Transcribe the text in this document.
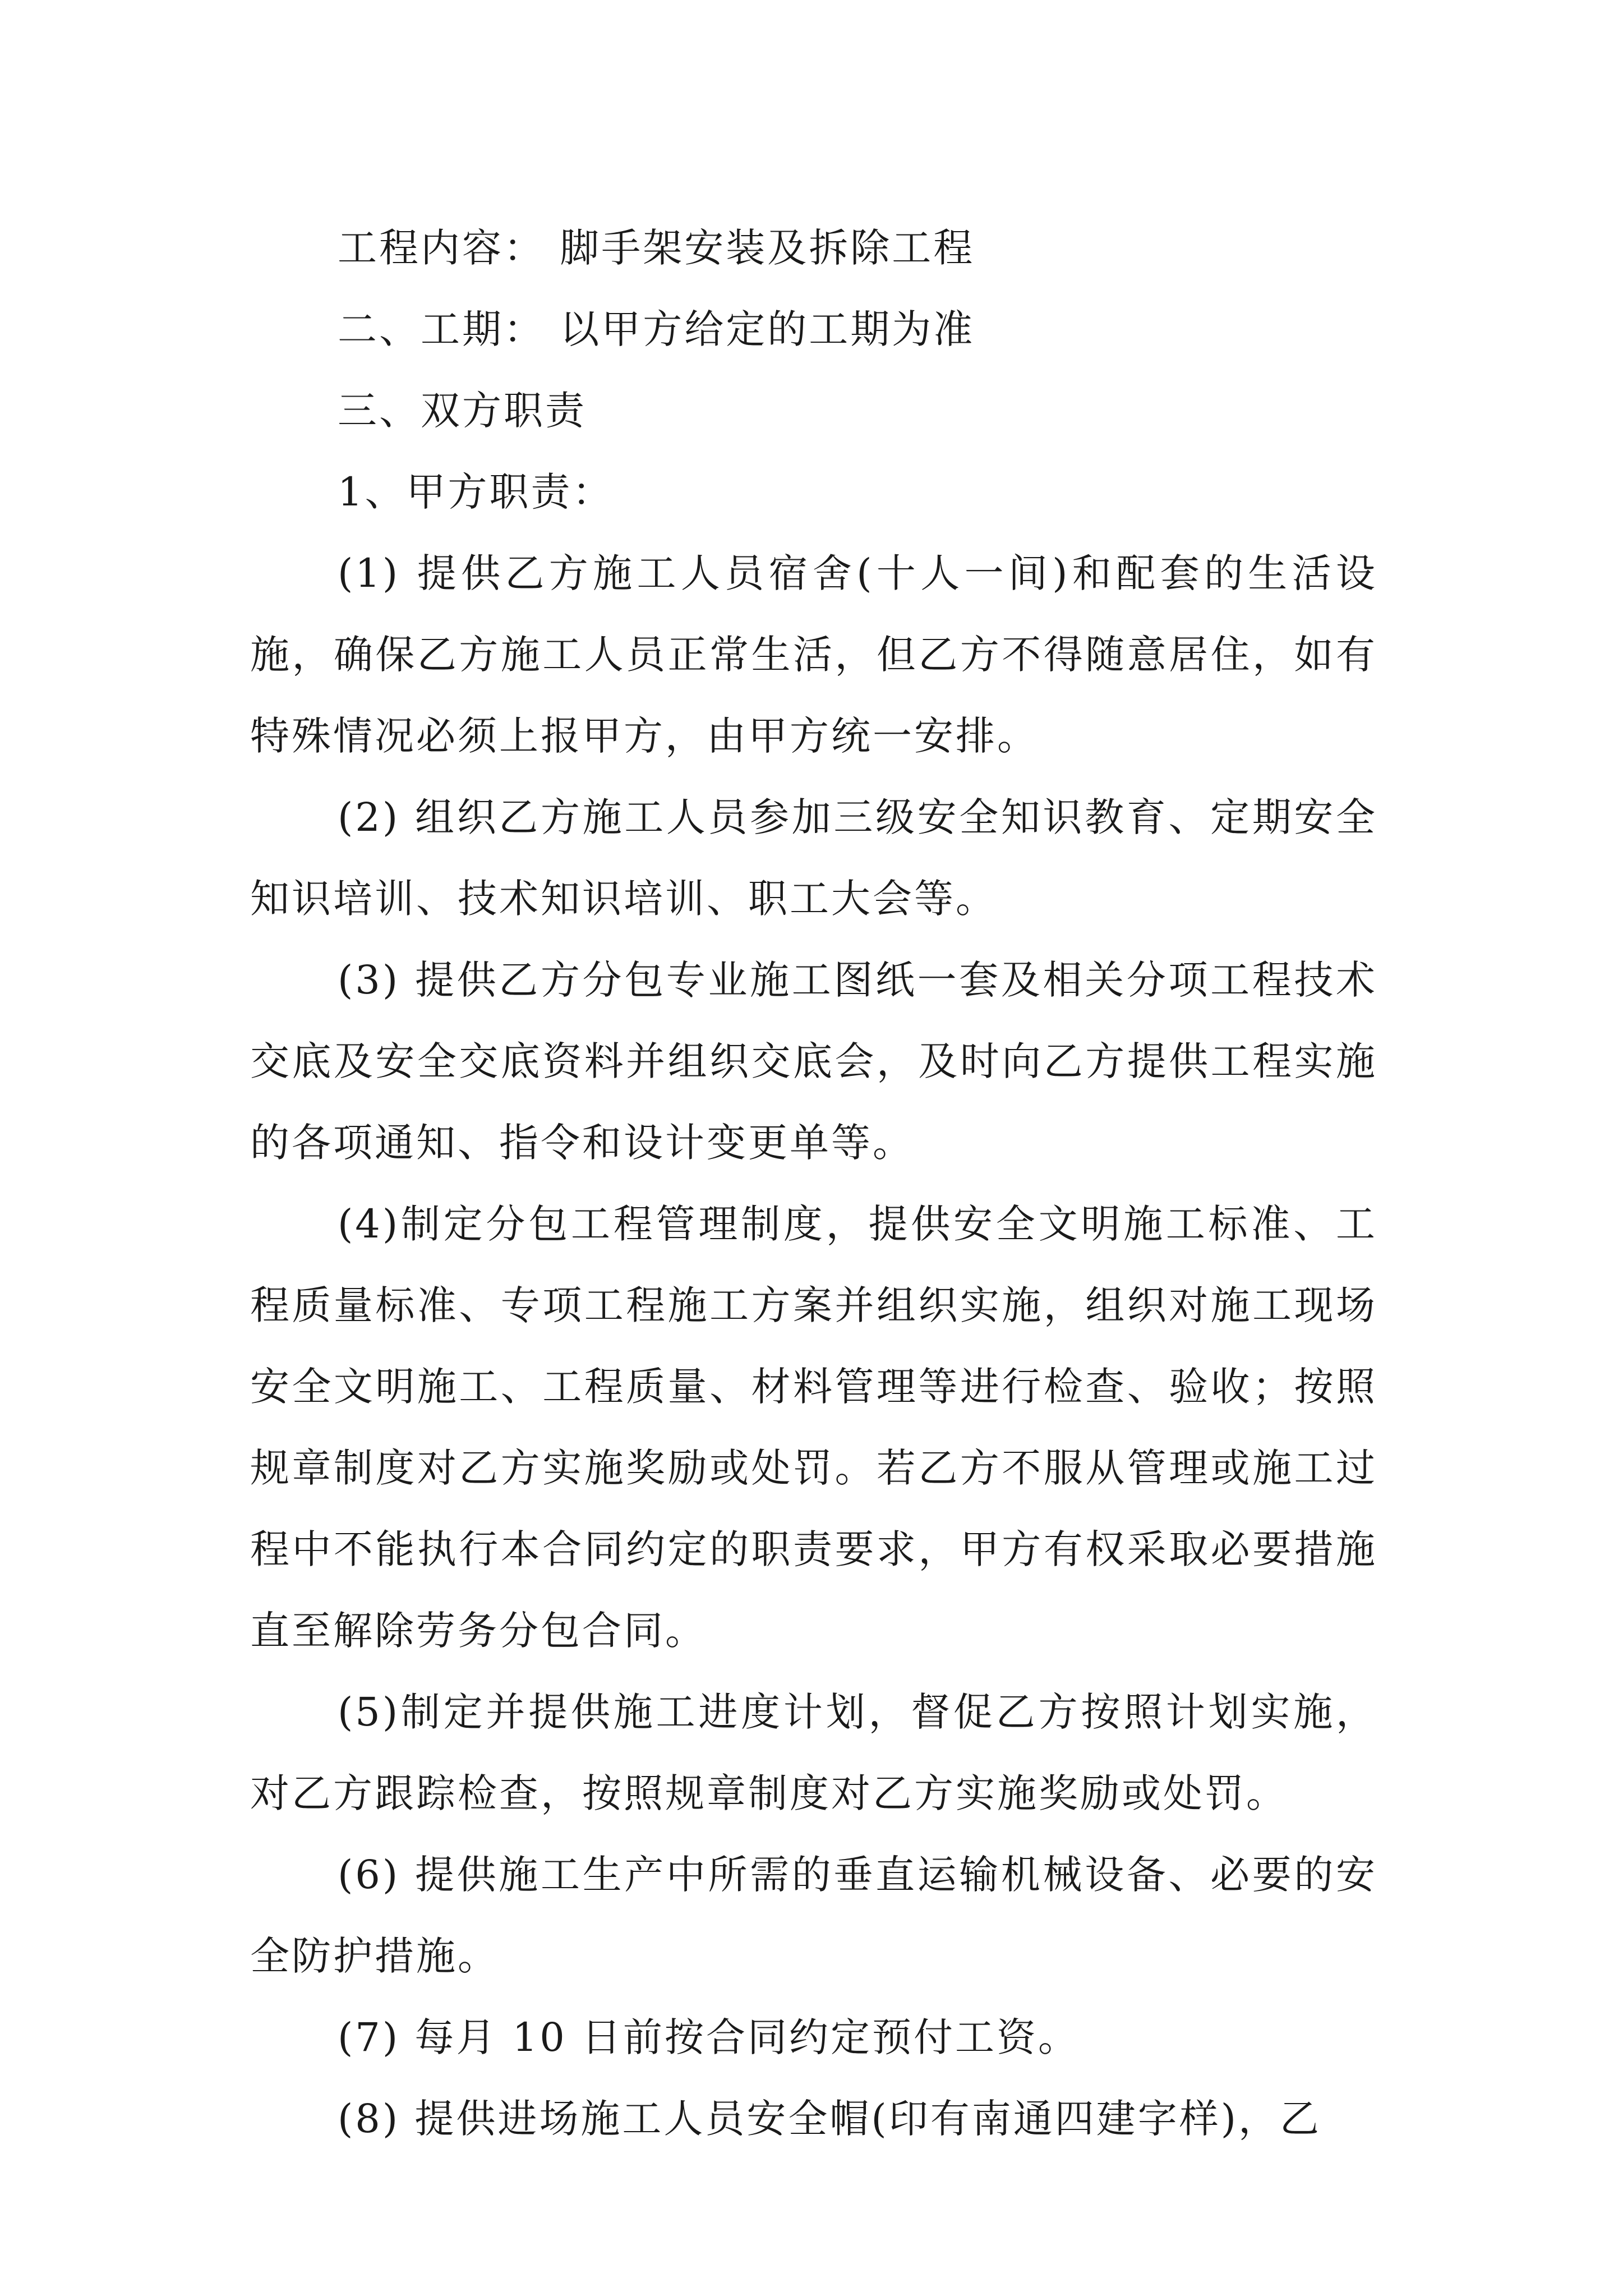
工程内容： 脚手架安装及拆除工程

二、工期： 以甲方给定的工期为准

三、双方职责

1、甲方职责：

(1) 提供乙方施工人员宿舍(十人一间)和配套的生活设施，确保乙方施工人员正常生活，但乙方不得随意居住，如有特殊情况必须上报甲方，由甲方统一安排。

(2) 组织乙方施工人员参加三级安全知识教育、定期安全知识培训、技术知识培训、职工大会等。

(3) 提供乙方分包专业施工图纸一套及相关分项工程技术交底及安全交底资料并组织交底会，及时向乙方提供工程实施的各项通知、指令和设计变更单等。

(4)制定分包工程管理制度，提供安全文明施工标准、工程质量标准、专项工程施工方案并组织实施，组织对施工现场安全文明施工、工程质量、材料管理等进行检查、验收；按照规章制度对乙方实施奖励或处罚。若乙方不服从管理或施工过程中不能执行本合同约定的职责要求，甲方有权采取必要措施直至解除劳务分包合同。

(5)制定并提供施工进度计划，督促乙方按照计划实施，对乙方跟踪检查，按照规章制度对乙方实施奖励或处罚。

(6) 提供施工生产中所需的垂直运输机械设备、必要的安全防护措施。

(7) 每月 10 日前按合同约定预付工资。

(8) 提供进场施工人员安全帽(印有南通四建字样)，乙
